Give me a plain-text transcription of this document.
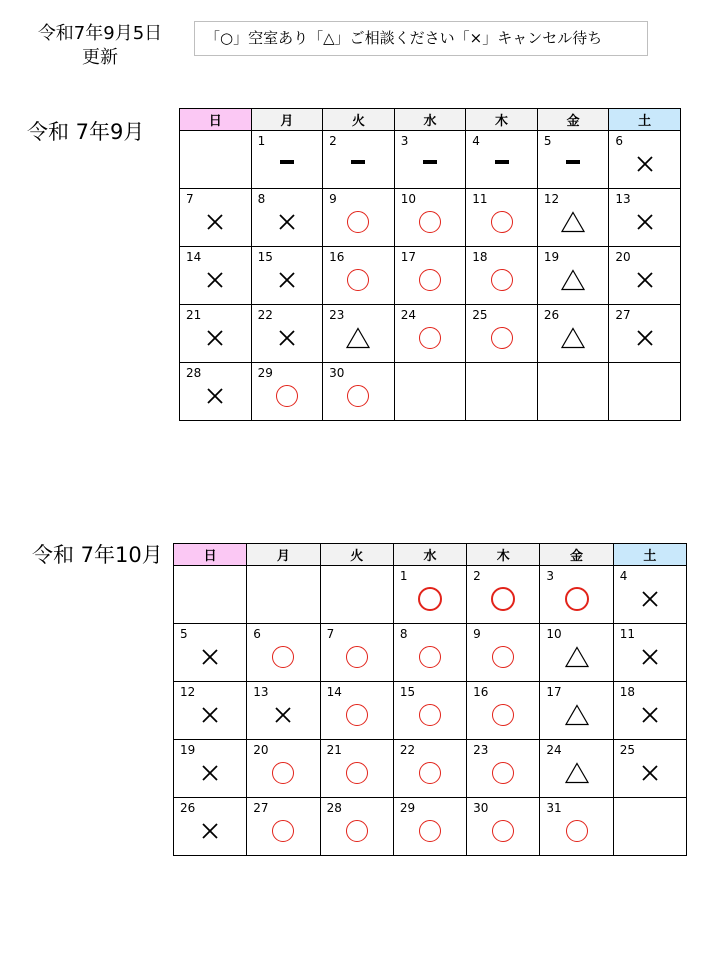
令和7年9月5日
更新
「○」空室あり「△」ご相談ください「×」キャンセル待ち
令和 7年9月	日	月	火	水	木	金	土

	1	2	3	4	5	6

7	8	9	10	11	12	13

14	15	16	17	18	19	20

21	22	23	24	25	26	27

28	29	30				

令和 7年10月	日	月	火	水	木	金	土

			1	2	3	4

5	6	7	8	9	10	11

12	13	14	15	16	17	18

19	20	21	22	23	24	25

26	27	28	29	30	31	
